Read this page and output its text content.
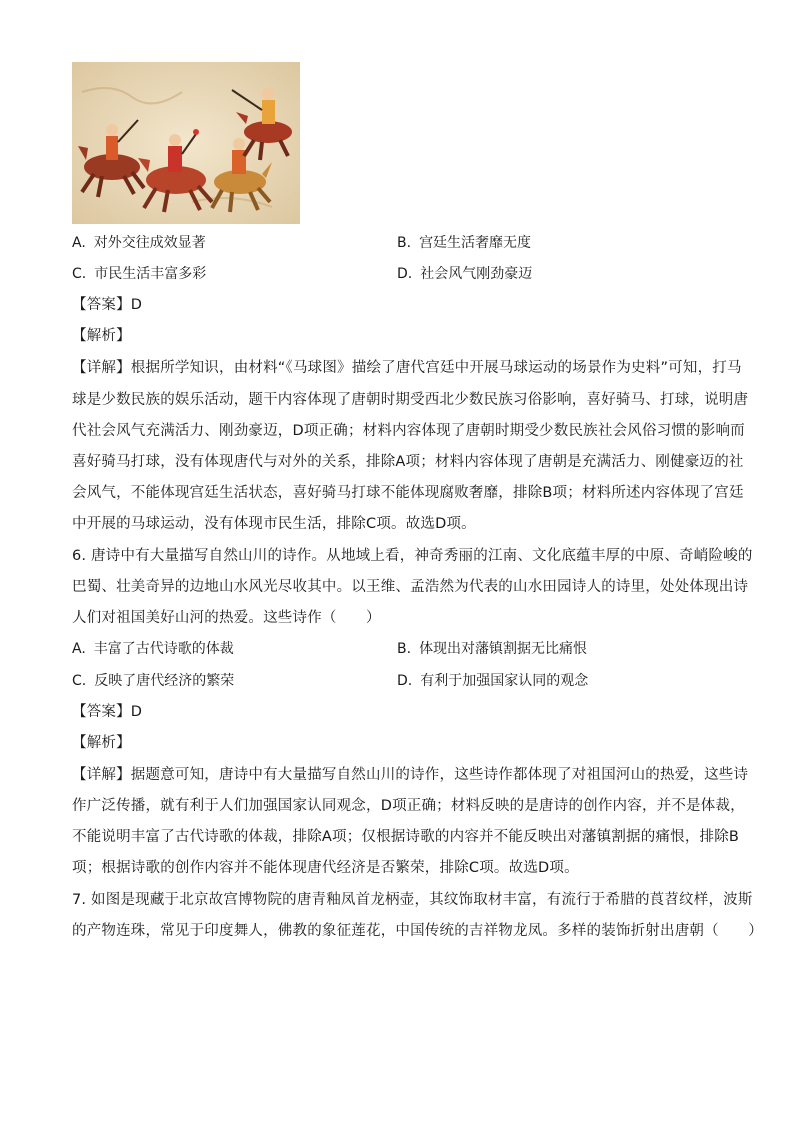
A. 对外交往成效显著	B. 宫廷生活奢靡无度
C. 市民生活丰富多彩	D. 社会风气刚劲豪迈
【答案】D
【解析】
【详解】根据所学知识，由材料“《马球图》描绘了唐代宫廷中开展马球运动的场景作为史料”可知，打马
球是少数民族的娱乐活动，题干内容体现了唐朝时期受西北少数民族习俗影响，喜好骑马、打球，说明唐
代社会风气充满活力、刚劲豪迈，D项正确；材料内容体现了唐朝时期受少数民族社会风俗习惯的影响而
喜好骑马打球，没有体现唐代与对外的关系，排除A项；材料内容体现了唐朝是充满活力、刚健豪迈的社
会风气，不能体现宫廷生活状态，喜好骑马打球不能体现腐败奢靡，排除B项；材料所述内容体现了宫廷
中开展的马球运动，没有体现市民生活，排除C项。故选D项。
6. 唐诗中有大量描写自然山川的诗作。从地域上看，神奇秀丽的江南、文化底蕴丰厚的中原、奇峭险峻的
巴蜀、壮美奇异的边地山水风光尽收其中。以王维、孟浩然为代表的山水田园诗人的诗里，处处体现出诗
人们对祖国美好山河的热爱。这些诗作（　　）
A. 丰富了古代诗歌的体裁	B. 体现出对藩镇割据无比痛恨
C. 反映了唐代经济的繁荣	D. 有利于加强国家认同的观念
【答案】D
【解析】
【详解】据题意可知，唐诗中有大量描写自然山川的诗作，这些诗作都体现了对祖国河山的热爱，这些诗
作广泛传播，就有利于人们加强国家认同观念，D项正确；材料反映的是唐诗的创作内容，并不是体裁，
不能说明丰富了古代诗歌的体裁，排除A项；仅根据诗歌的内容并不能反映出对藩镇割据的痛恨，排除B
项；根据诗歌的创作内容并不能体现唐代经济是否繁荣，排除C项。故选D项。
7. 如图是现藏于北京故宫博物院的唐青釉凤首龙柄壶，其纹饰取材丰富，有流行于希腊的莨苕纹样，波斯
的产物连珠，常见于印度舞人，佛教的象征莲花，中国传统的吉祥物龙凤。多样的装饰折射出唐朝（　　）
